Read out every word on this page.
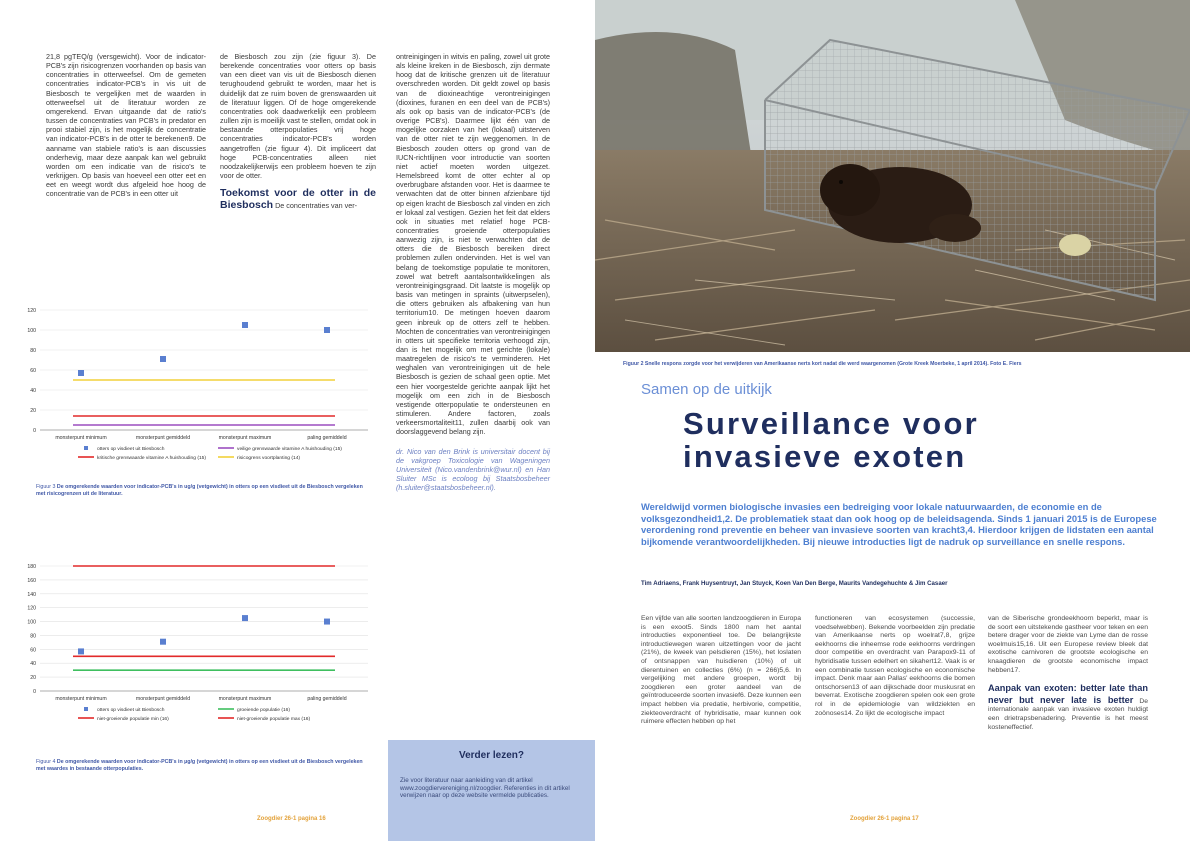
21,8 pgTEQ/g (versgewicht). Voor de indicator-PCB's zijn risicogrenzen voorhanden op basis van concentraties in otterweefsel. Om de gemeten concentraties indicator-PCB's in vis uit de Biesbosch te vergelijken met de waarden in otterweefsel uit de literatuur worden ze omgerekend. Ervan uitgaande dat de ratio's tussen de concentraties van PCB's in predator en prooi stabiel zijn, is het mogelijk de concentratie van indicator-PCB's in de otter te berekenen9. De aanname van stabiele ratio's is aan discussies onderhevig, maar deze aanpak kan wel gebruikt worden om een indicatie van de risico's te verkrijgen. Op basis van hoeveel een otter eet en eet en weegt wordt dus afgeleid hoe hoog de concentratie van de PCB's in een otter uit

de Biesbosch zou zijn (zie figuur 3). De berekende concentraties voor otters op basis van een dieet van vis uit de Biesbosch dienen terughoudend gebruikt te worden, maar het is duidelijk dat ze ruim boven de grenswaarden uit de literatuur liggen. Of de hoge omgerekende concentraties ook daadwerkelijk een probleem zullen zijn is moeilijk vast te stellen, omdat ook in bestaande otterpopulaties vrij hoge concentraties indicator-PCB's worden aangetroffen (zie figuur 4). Dit impliceert dat hoge PCB-concentraties alleen niet noodzakelijkerwijs een probleem hoeven te zijn voor de otter.

Toekomst voor de otter in de Biesbosch De concentraties van ver-

ontreinigingen in witvis en paling, zowel uit grote als kleine kreken in de Biesbosch, zijn dermate hoog dat de kritische grenzen uit de literatuur overschreden worden. Dit geldt zowel op basis van de dioxineachtige verontreinigingen (dioxines, furanen en een deel van de PCB's) als ook op basis van de indicator-PCB's (de overige PCB's). Daarmee lijkt één van de mogelijke oorzaken van het (lokaal) uitsterven van de otter niet te zijn weggenomen. In de Biesbosch zouden otters op grond van de IUCN-richtlijnen voor introductie van soorten niet actief moeten worden uitgezet. Hemelsbreed komt de otter echter al op overbrugbare afstanden voor. Het is daarmee te verwachten dat de otter binnen afzienbare tijd op eigen kracht de Biesbosch zal vinden en zich er lokaal zal vestigen. Gezien het feit dat elders ook in situaties met relatief hoge PCB-concentraties groeiende otterpopulaties aanwezig zijn, is niet te verwachten dat de otters die de Biesbosch bereiken direct problemen zullen ondervinden. Het is wel van belang de toekomstige populatie te monitoren, zowel wat betreft aantalsontwikkelingen als verontreinigingsgraad. Dit laatste is mogelijk op basis van metingen in spraints (uitwerpselen), die otters gebruiken als afbakening van hun territorium10. De metingen hoeven daarom geen inbreuk op de otters zelf te hebben. Mochten de concentraties van verontreinigingen in otters uit specifieke territoria verhoogd zijn, dan is het mogelijk om met gerichte (lokale) maatregelen de risico's te verminderen. Het weghalen van verontreinigingen uit de hele Biesbosch is gezien de schaal geen optie. Met een hier voorgestelde gerichte aanpak lijkt het mogelijk om een zich in de Biesbosch vestigende otterpopulatie te ondersteunen en stimuleren. Andere factoren, zoals verkeersmortaliteit11, zullen daarbij ook van doorslaggevend belang zijn.

dr. Nico van den Brink is universitair docent bij de vakgroep Toxicologie van Wageningen Universiteit (Nico.vandenbrink@wur.nl) en Han Sluiter MSc is ecoloog bij Staatsbosbeheer (h.sluiter@staatsbosbeheer.nl).

0
20
40
60
80
100
120
monsterpunt minimum	monsterpunt gemiddeld	monsterpunt maximum	paling gemiddeld
otters op visdieet uit Biesbosch	veilige grenswaarde vitamine A huishouding (15)
kritische grenswaarde vitamine A huishouding (15)	risicogrens voortplanting (14)
Figuur 3 De omgerekende waarden voor indicator-PCB's in ug/g (vetgewicht) in otters op een visdieet uit de Biesbosch vergeleken met risicogrenzen uit de literatuur.
0
20
40
60
80
100
120
140
160
180
monsterpunt minimum	monsterpunt gemiddeld	monsterpunt maximum	paling gemiddeld
otters op visdieet uit Biesbosch	groeiende populatie (16)
niet-groeiende populatie min (16)	niet-groeiende populatie max (16)
Figuur 4 De omgerekende waarden voor indicator-PCB's in µg/g (vetgewicht) in otters op een visdieet uit de Biesbosch vergeleken met waardes in bestaande otterpopulaties.
Verder lezen?

Zie voor literatuur naar aanleiding van dit artikel www.zoogdiervereniging.nl/zoogdier. Referenties in dit artikel verwijzen naar op deze website vermelde publicaties.

Zoogdier 26-1 pagina 16
Figuur 2 Snelle respons zorgde voor het verwijderen van Amerikaanse nerts kort nadat die werd waargenomen (Grote Kreek Moerbeke, 1 april 2014). Foto E. Fiers
Samen op de uitkijk
Surveillance voor
invasieve exoten

Wereldwijd vormen biologische invasies een bedreiging voor lokale natuurwaarden, de economie en de volksgezondheid1,2. De problematiek staat dan ook hoog op de beleidsagenda. Sinds 1 januari 2015 is de Europese verordening rond preventie en beheer van invasieve soorten van kracht3,4. Hierdoor krijgen de lidstaten een aantal bijkomende verantwoordelijkheden. Bij nieuwe introducties ligt de nadruk op surveillance en snelle respons.

Tim Adriaens, Frank Huysentruyt, Jan Stuyck, Koen Van Den Berge, Maurits Vandegehuchte & Jim Casaer

Een vijfde van alle soorten landzoogdieren in Europa is een exoot5. Sinds 1800 nam het aantal introducties exponentieel toe. De belangrijkste introductiewegen waren uitzettingen voor de jacht (21%), de kweek van pelsdieren (15%), het loslaten of ontsnappen van huisdieren (10%) of uit dierentuinen en collecties (6%) (n = 266)5,6. In vergelijking met andere groepen, wordt bij zoogdieren een groter aandeel van de geïntroduceerde soorten invasief6. Deze kunnen een impact hebben via predatie, herbivorie, competitie, ziekteoverdracht of hybridisatie, maar kunnen ook ruimere effecten hebben op het

functioneren van ecosystemen (successie, voedselwebben). Bekende voorbeelden zijn predatie van Amerikaanse nerts op woelrat7,8, grijze eekhoorns die inheemse rode eekhoorns verdringen door competitie en overdracht van Parapox9-11 of hybridisatie tussen edelhert en sikahert12. Vaak is er een combinatie tussen ecologische en economische impact. Denk maar aan Pallas' eekhoorns die bomen ontschorsen13 of aan dijkschade door muskusrat en beverrat. Exotische zoogdieren spelen ook een grote rol in de epidemiologie van wildziekten en zoönoses14. Zo lijkt de ecologische impact

van de Siberische grondeekhoorn beperkt, maar is de soort een uitstekende gastheer voor teken en een betere drager voor de ziekte van Lyme dan de rosse woelmuis15,16. Uit een Europese review bleek dat exotische carnivoren de grootste ecologische en knaagdieren de grootste economische impact hebben17.

Aanpak van exoten: better late than never but never late is better De internationale aanpak van invasieve exoten huldigt een drietrapsbenadering. Preventie is het meest kosteneffectief.

Zoogdier 26-1 pagina 17
